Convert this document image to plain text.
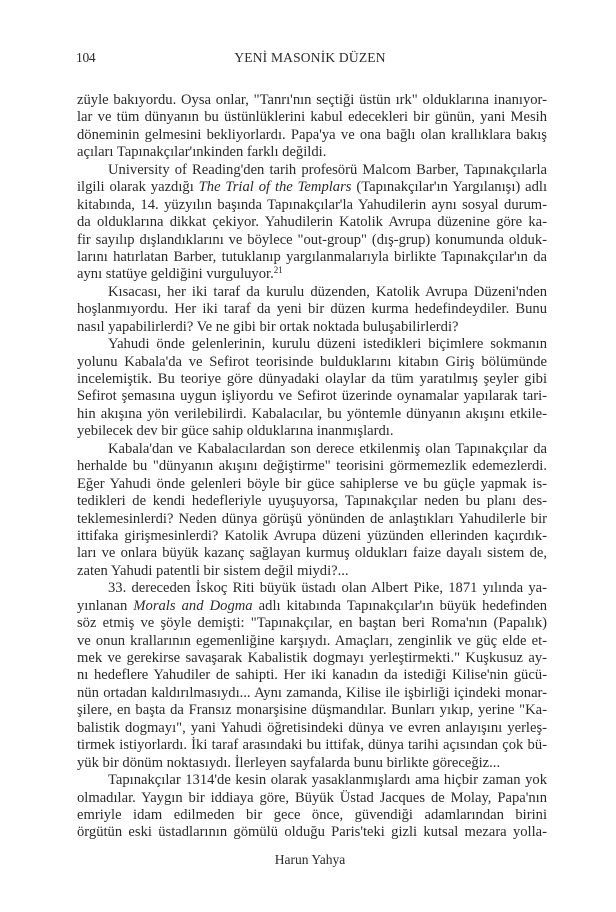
104	YENİ MASONİK DÜZEN
züyle bakıyordu. Oysa onlar, "Tanrı'nın seçtiği üstün ırk" olduklarına inanıyor-
lar ve tüm dünyanın bu üstünlüklerini kabul edecekleri bir günün, yani Mesih
döneminin gelmesini bekliyorlardı. Papa'ya ve ona bağlı olan krallıklara bakış
açıları Tapınakçılar'ınkinden farklı değildi.
University of Reading'den tarih profesörü Malcom Barber, Tapınakçılarla
ilgili olarak yazdığı The Trial of the Templars (Tapınakçılar'ın Yargılanışı) adlı
kitabında, 14. yüzyılın başında Tapınakçılar'la Yahudilerin aynı sosyal durum-
da olduklarına dikkat çekiyor. Yahudilerin Katolik Avrupa düzenine göre ka-
fir sayılıp dışlandıklarını ve böylece "out-group" (dış-grup) konumunda olduk-
larını hatırlatan Barber, tutuklanıp yargılanmalarıyla birlikte Tapınakçılar'ın da
aynı statüye geldiğini vurguluyor.$^{21}$
Kısacası, her iki taraf da kurulu düzenden, Katolik Avrupa Düzeni'nden
hoşlanmıyordu. Her iki taraf da yeni bir düzen kurma hedefindeydiler. Bunu
nasıl yapabilirlerdi? Ve ne gibi bir ortak noktada buluşabilirlerdi?
Yahudi önde gelenlerinin, kurulu düzeni istedikleri biçimlere sokmanın
yolunu Kabala'da ve Sefirot teorisinde bulduklarını kitabın Giriş bölümünde
incelemiştik. Bu teoriye göre dünyadaki olaylar da tüm yaratılmış şeyler gibi
Sefirot şemasına uygun işliyordu ve Sefirot üzerinde oynamalar yapılarak tari-
hin akışına yön verilebilirdi. Kabalacılar, bu yöntemle dünyanın akışını etkile-
yebilecek dev bir güce sahip olduklarına inanmışlardı.
Kabala'dan ve Kabalacılardan son derece etkilenmiş olan Tapınakçılar da
herhalde bu "dünyanın akışını değiştirme" teorisini görmemezlik edemezlerdi.
Eğer Yahudi önde gelenleri böyle bir güce sahiplerse ve bu güçle yapmak is-
tedikleri de kendi hedefleriyle uyuşuyorsa, Tapınakçılar neden bu planı des-
teklemesinlerdi? Neden dünya görüşü yönünden de anlaştıkları Yahudilerle bir
ittifaka girişmesinlerdi? Katolik Avrupa düzeni yüzünden ellerinden kaçırdık-
ları ve onlara büyük kazanç sağlayan kurmuş oldukları faize dayalı sistem de,
zaten Yahudi patentli bir sistem değil miydi?...
33. dereceden İskoç Riti büyük üstadı olan Albert Pike, 1871 yılında ya-
yınlanan Morals and Dogma adlı kitabında Tapınakçılar'ın büyük hedefinden
söz etmiş ve şöyle demişti: "Tapınakçılar, en baştan beri Roma'nın (Papalık)
ve onun krallarının egemenliğine karşıydı. Amaçları, zenginlik ve güç elde et-
mek ve gerekirse savaşarak Kabalistik dogmayı yerleştirmekti." Kuşkusuz ay-
nı hedeflere Yahudiler de sahipti. Her iki kanadın da istediği Kilise'nin gücü-
nün ortadan kaldırılmasıydı... Aynı zamanda, Kilise ile işbirliği içindeki monar-
şilere, en başta da Fransız monarşisine düşmandılar. Bunları yıkıp, yerine "Ka-
balistik dogmayı", yani Yahudi öğretisindeki dünya ve evren anlayışını yerleş-
tirmek istiyorlardı. İki taraf arasındaki bu ittifak, dünya tarihi açısından çok bü-
yük bir dönüm noktasıydı. İlerleyen sayfalarda bunu birlikte göreceğiz...
Tapınakçılar 1314'de kesin olarak yasaklanmışlardı ama hiçbir zaman yok
olmadılar. Yaygın bir iddiaya göre, Büyük Üstad Jacques de Molay, Papa'nın
emriyle idam edilmeden bir gece önce, güvendiği adamlarından birini
örgütün eski üstadlarının gömülü olduğu Paris'teki gizli kutsal mezara yolla-
Harun Yahya
